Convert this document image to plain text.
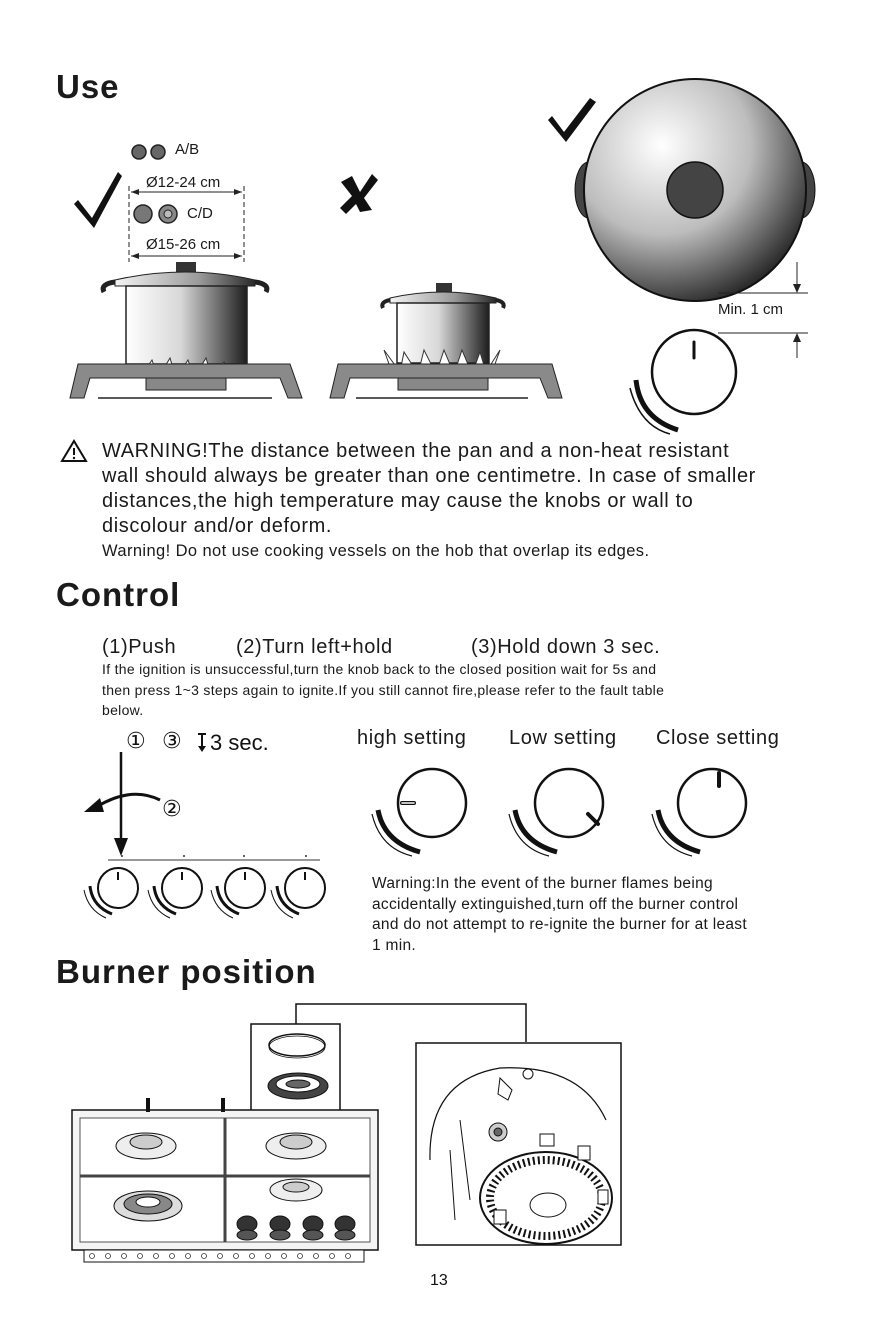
Use
A/B
Ø12-24 cm
C/D
Ø15-26 cm
Min. 1 cm
WARNING!The distance between the pan and a non-heat resistant
wall should always be greater than one centimetre. In case of smaller
distances,the high temperature may cause the knobs or wall to
discolour and/or deform.
Warning! Do not use cooking vessels on the hob that overlap its edges.
Control
(1)Push	(2)Turn left+hold	(3)Hold down 3 sec.
If the ignition is unsuccessful,turn the knob back to the closed position wait for 5s and
then press 1~3 steps again to ignite.If you still cannot fire,please refer to the fault table
below.
① ③ 3 sec.
②
high setting Low setting Close setting
Warning:In the event of the burner flames being
accidentally extinguished,turn off the burner control
and do not attempt to re-ignite the burner for at least
1 min.
Burner position
13
